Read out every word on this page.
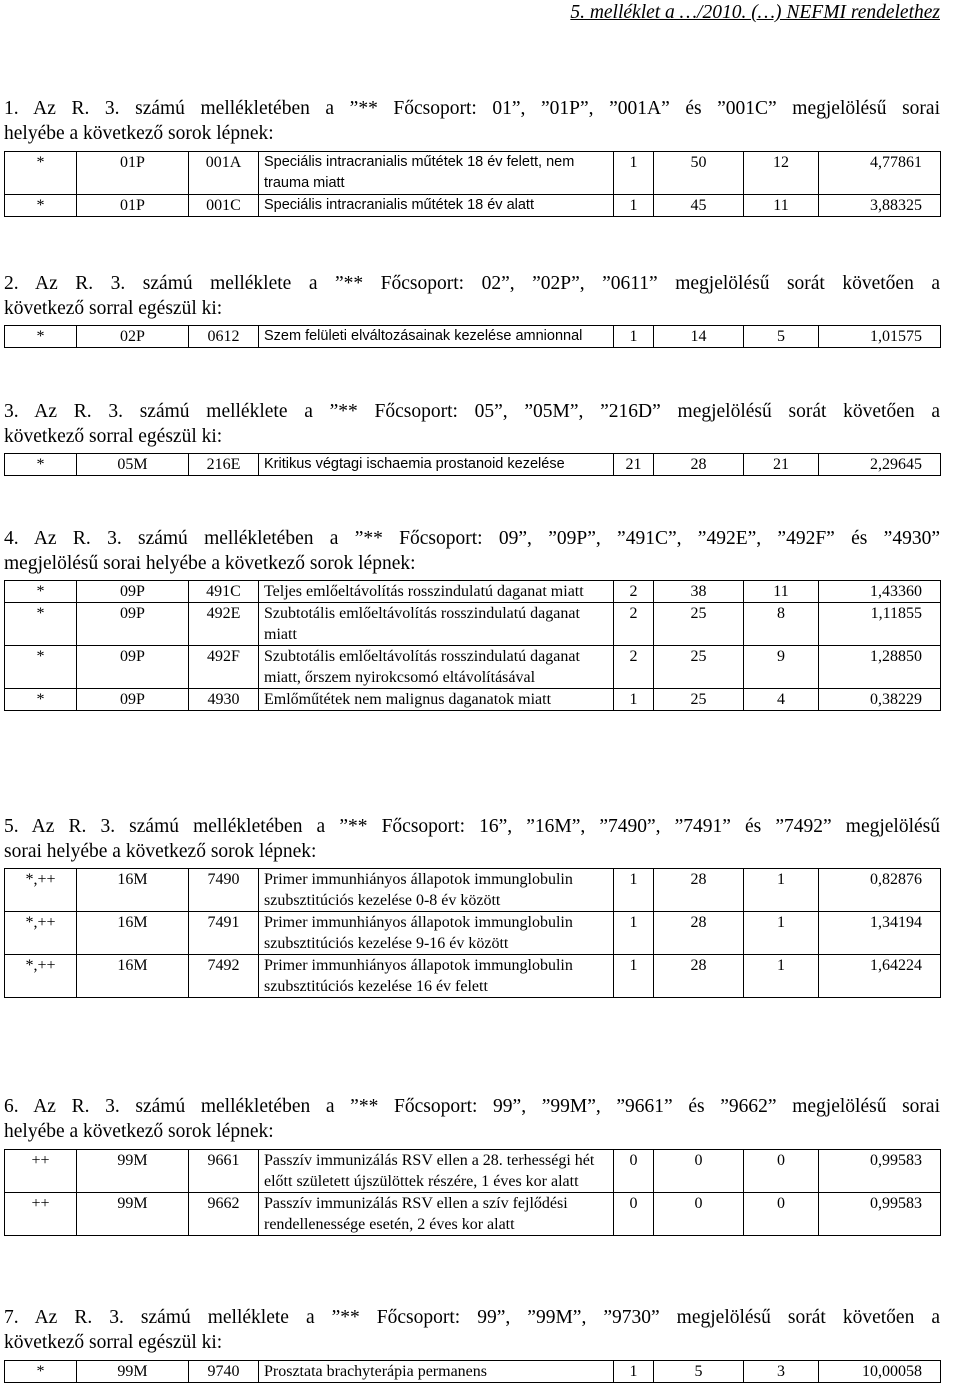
5. melléklet a …/2010. (…) NEFMI rendelethez
1. Az R. 3. számú mellékletében a ”** Főcsoport: 01”, ”01P”, ”001A” és ”001C” megjelölésű sorai
helyébe a következő sorok lépnek:
*	01P	001A	Speciális intracranialis műtétek 18 év felett, nem trauma miatt	1	50	12	4,77861
*	01P	001C	Speciális intracranialis műtétek 18 év alatt	1	45	11	3,88325
2. Az R. 3. számú melléklete a ”** Főcsoport: 02”, ”02P”, ”0611” megjelölésű sorát követően a
következő sorral egészül ki:
*	02P	0612	Szem felületi elváltozásainak kezelése amnionnal	1	14	5	1,01575
3. Az R. 3. számú melléklete a ”** Főcsoport: 05”, ”05M”, ”216D” megjelölésű sorát követően a
következő sorral egészül ki:
*	05M	216E	Kritikus végtagi ischaemia prostanoid kezelése	21	28	21	2,29645
4. Az R. 3. számú mellékletében a ”** Főcsoport: 09”, ”09P”, ”491C”, ”492E”, ”492F” és ”4930”
megjelölésű sorai helyébe a következő sorok lépnek:
*	09P	491C	Teljes emlőeltávolítás rosszindulatú daganat miatt	2	38	11	1,43360
*	09P	492E	Szubtotális emlőeltávolítás rosszindulatú daganat miatt	2	25	8	1,11855
*	09P	492F	Szubtotális emlőeltávolítás rosszindulatú daganat miatt, őrszem nyirokcsomó eltávolításával	2	25	9	1,28850
*	09P	4930	Emlőműtétek nem malignus daganatok miatt	1	25	4	0,38229
5. Az R. 3. számú mellékletében a ”** Főcsoport: 16”, ”16M”, ”7490”, ”7491” és ”7492” megjelölésű
sorai helyébe a következő sorok lépnek:
*,++	16M	7490	Primer immunhiányos állapotok immunglobulin szubsztitúciós kezelése 0-8 év között	1	28	1	0,82876
*,++	16M	7491	Primer immunhiányos állapotok immunglobulin szubsztitúciós kezelése 9-16 év között	1	28	1	1,34194
*,++	16M	7492	Primer immunhiányos állapotok immunglobulin szubsztitúciós kezelése 16 év felett	1	28	1	1,64224
6. Az R. 3. számú mellékletében a ”** Főcsoport: 99”, ”99M”, ”9661” és ”9662” megjelölésű sorai
helyébe a következő sorok lépnek:
++	99M	9661	Passzív immunizálás RSV ellen a 28. terhességi hét előtt született újszülöttek részére, 1 éves kor alatt	0	0	0	0,99583
++	99M	9662	Passzív immunizálás RSV ellen a szív fejlődési rendellenessége esetén, 2 éves kor alatt	0	0	0	0,99583
7. Az R. 3. számú melléklete a ”** Főcsoport: 99”, ”99M”, ”9730” megjelölésű sorát követően a
következő sorral egészül ki:
*	99M	9740	Prosztata brachyterápia permanens	1	5	3	10,00058
